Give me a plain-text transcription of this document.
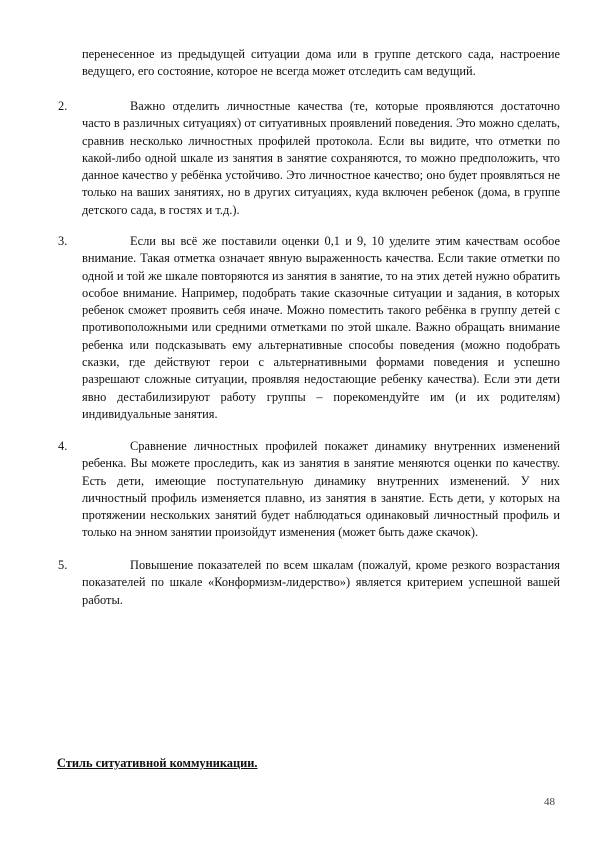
перенесенное из предыдущей ситуации дома или в группе детского сада, настроение ведущего, его состояние, которое не всегда может отследить сам ведущий.

2.	Важно отделить личностные качества (те, которые проявляются достаточно часто в различных ситуациях) от ситуативных проявлений поведения. Это можно сделать, сравнив несколько личностных профилей протокола. Если вы видите, что отметки по какой-либо одной шкале из занятия в занятие сохраняются, то можно предположить, что данное качество у ребёнка устойчиво. Это личностное качество; оно будет проявляться не только на ваших занятиях, но в других ситуациях, куда включен ребенок (дома, в группе детского сада, в гостях и т.д.).

3.	Если вы всё же поставили оценки 0,1 и 9, 10 уделите этим качествам особое внимание. Такая отметка означает явную выраженность качества. Если такие отметки по одной и той же шкале повторяются из занятия в занятие, то на этих детей нужно обратить особое внимание. Например, подобрать такие сказочные ситуации и задания, в которых ребенок сможет проявить себя иначе. Можно поместить такого ребёнка в группу детей с противоположными или средними отметками по этой шкале. Важно обращать внимание ребенка или подсказывать ему альтернативные способы поведения (можно подобрать сказки, где действуют герои с альтернативными формами поведения и успешно разрешают сложные ситуации, проявляя недостающие ребенку качества). Если эти дети явно дестабилизируют работу группы – порекомендуйте им (и их родителям) индивидуальные занятия.

4.	Сравнение личностных профилей покажет динамику внутренних изменений ребенка. Вы можете проследить, как из занятия в занятие меняются оценки по качеству. Есть дети, имеющие поступательную динамику внутренних изменений. У них личностный профиль изменяется плавно, из занятия в занятие. Есть дети, у которых на протяжении нескольких занятий будет наблюдаться одинаковый личностный профиль и только на энном занятии произойдут изменения (может быть даже скачок).

5.	Повышение показателей по всем шкалам (пожалуй, кроме резкого возрастания показателей по шкале «Конформизм-лидерство») является критерием успешной вашей работы.

Стиль ситуативной коммуникации.
48
